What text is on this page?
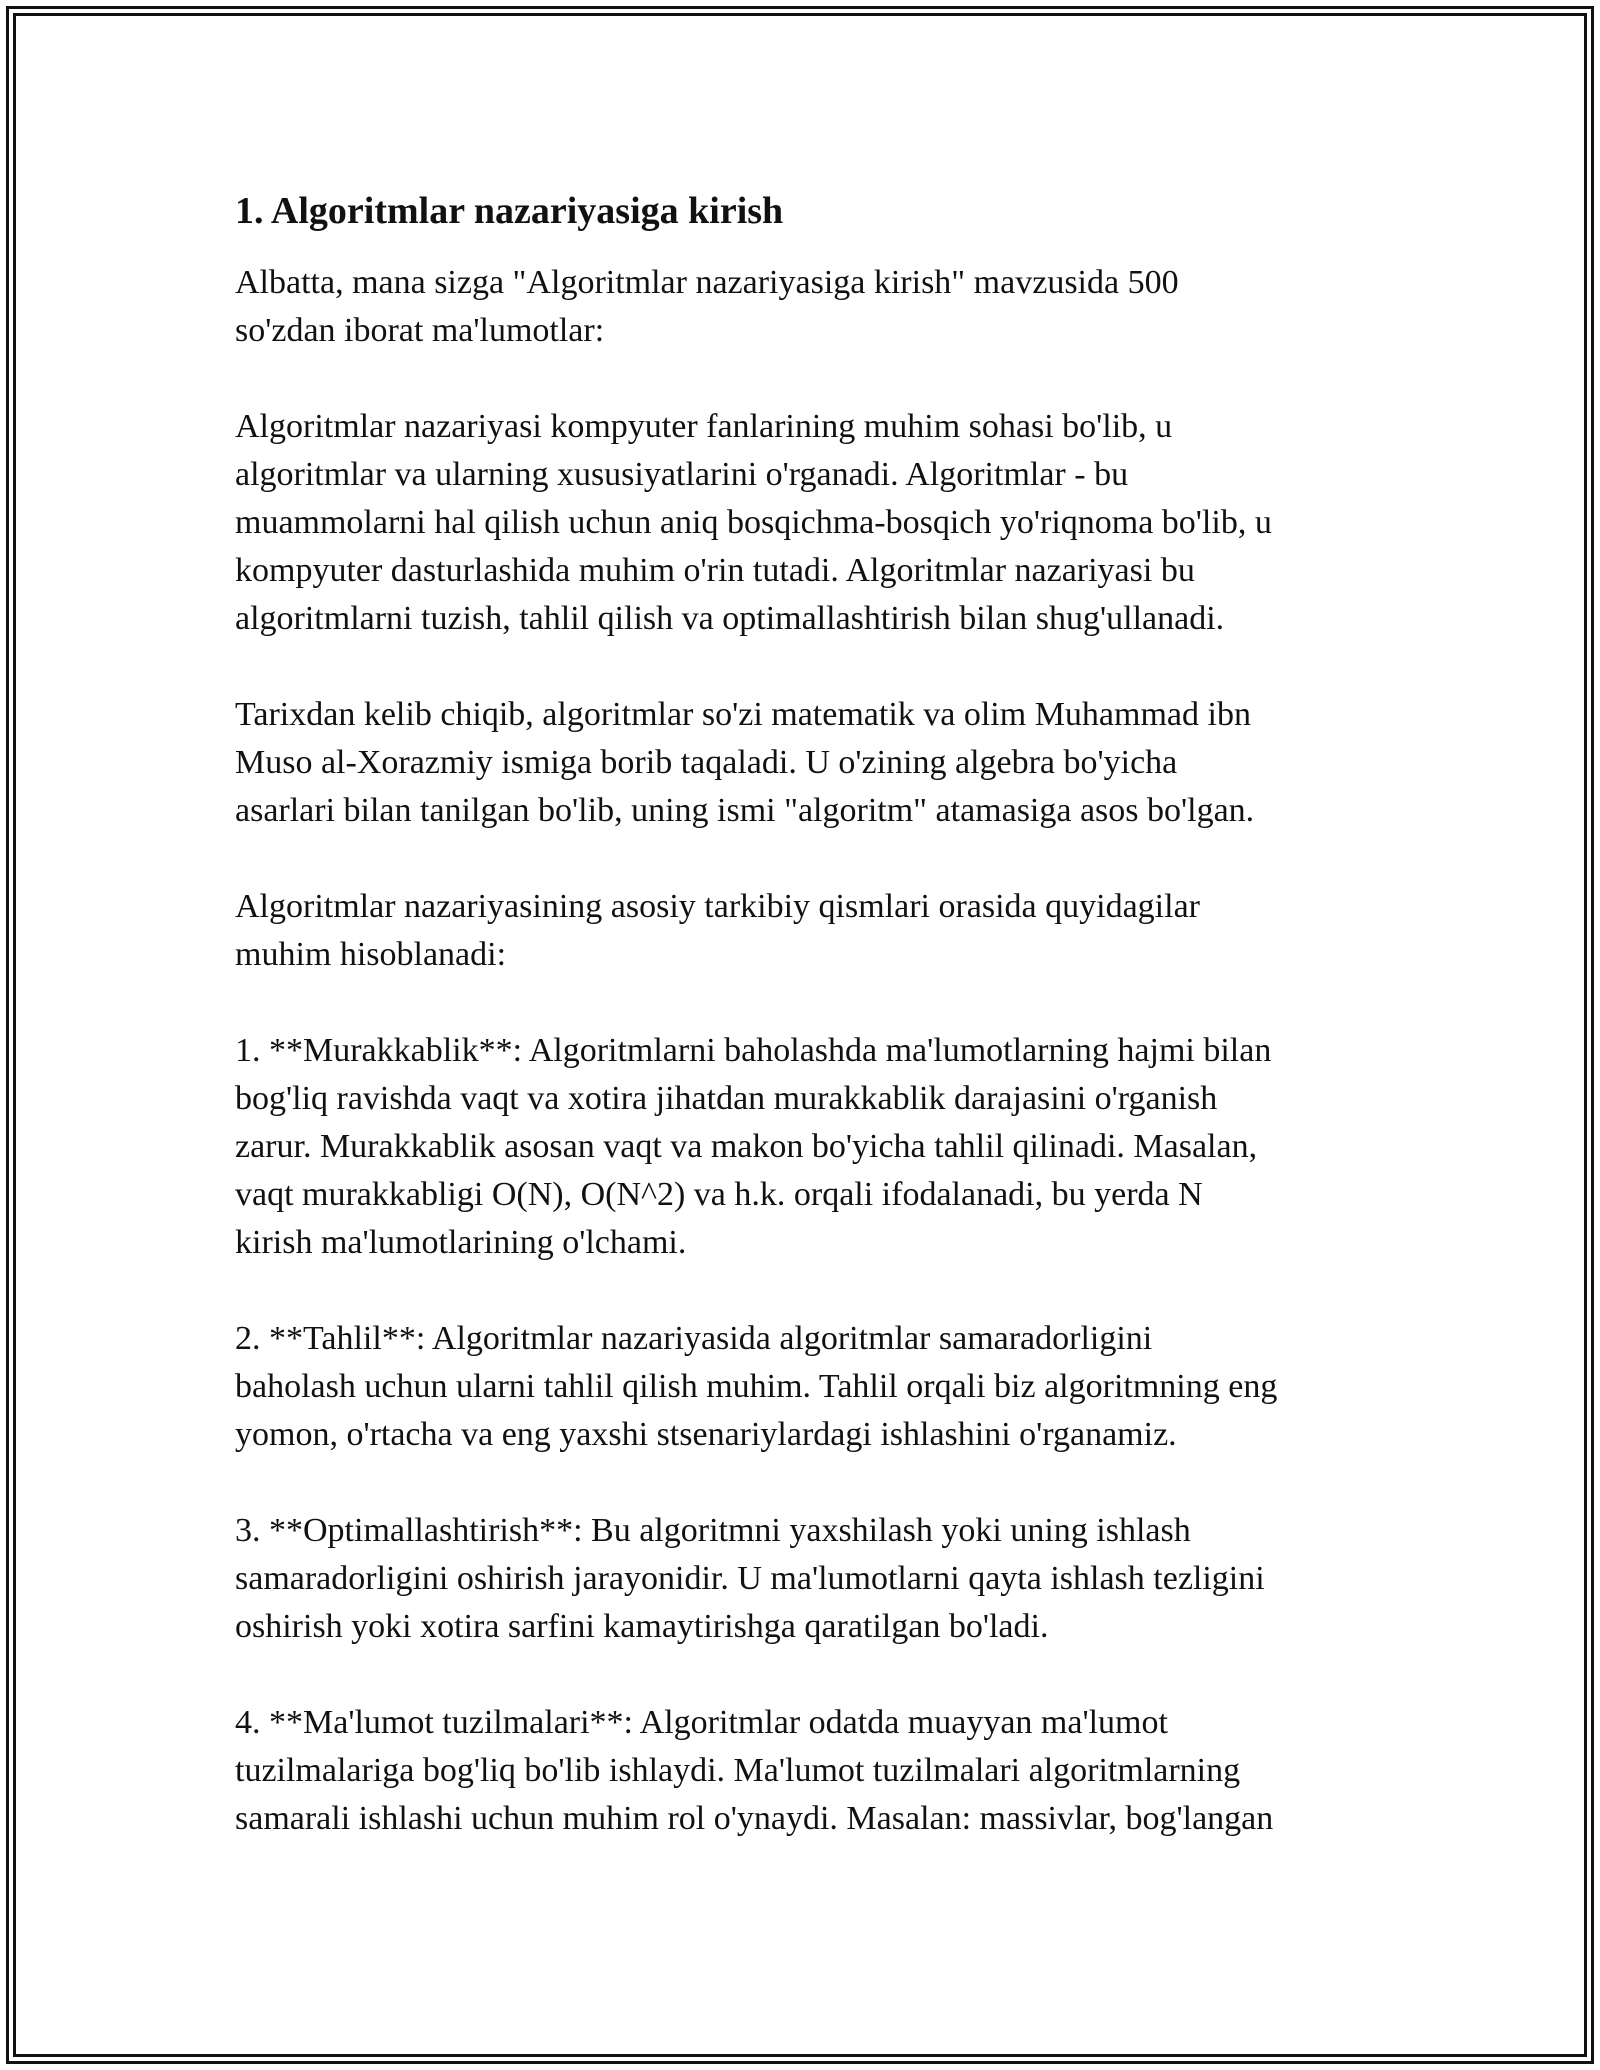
1. Algoritmlar nazariyasiga kirish

Albatta, mana sizga "Algoritmlar nazariyasiga kirish" mavzusida 500
so'zdan iborat ma'lumotlar:

Algoritmlar nazariyasi kompyuter fanlarining muhim sohasi bo'lib, u
algoritmlar va ularning xususiyatlarini o'rganadi. Algoritmlar - bu
muammolarni hal qilish uchun aniq bosqichma-bosqich yo'riqnoma bo'lib, u
kompyuter dasturlashida muhim o'rin tutadi. Algoritmlar nazariyasi bu
algoritmlarni tuzish, tahlil qilish va optimallashtirish bilan shug'ullanadi.

Tarixdan kelib chiqib, algoritmlar so'zi matematik va olim Muhammad ibn
Muso al-Xorazmiy ismiga borib taqaladi. U o'zining algebra bo'yicha
asarlari bilan tanilgan bo'lib, uning ismi "algoritm" atamasiga asos bo'lgan.

Algoritmlar nazariyasining asosiy tarkibiy qismlari orasida quyidagilar
muhim hisoblanadi:

1. **Murakkablik**: Algoritmlarni baholashda ma'lumotlarning hajmi bilan
bog'liq ravishda vaqt va xotira jihatdan murakkablik darajasini o'rganish
zarur. Murakkablik asosan vaqt va makon bo'yicha tahlil qilinadi. Masalan,
vaqt murakkabligi O(N), O(N^2) va h.k. orqali ifodalanadi, bu yerda N
kirish ma'lumotlarining o'lchami.

2. **Tahlil**: Algoritmlar nazariyasida algoritmlar samaradorligini
baholash uchun ularni tahlil qilish muhim. Tahlil orqali biz algoritmning eng
yomon, o'rtacha va eng yaxshi stsenariylardagi ishlashini o'rganamiz.

3. **Optimallashtirish**: Bu algoritmni yaxshilash yoki uning ishlash
samaradorligini oshirish jarayonidir. U ma'lumotlarni qayta ishlash tezligini
oshirish yoki xotira sarfini kamaytirishga qaratilgan bo'ladi.

4. **Ma'lumot tuzilmalari**: Algoritmlar odatda muayyan ma'lumot
tuzilmalariga bog'liq bo'lib ishlaydi. Ma'lumot tuzilmalari algoritmlarning
samarali ishlashi uchun muhim rol o'ynaydi. Masalan: massivlar, bog'langan
